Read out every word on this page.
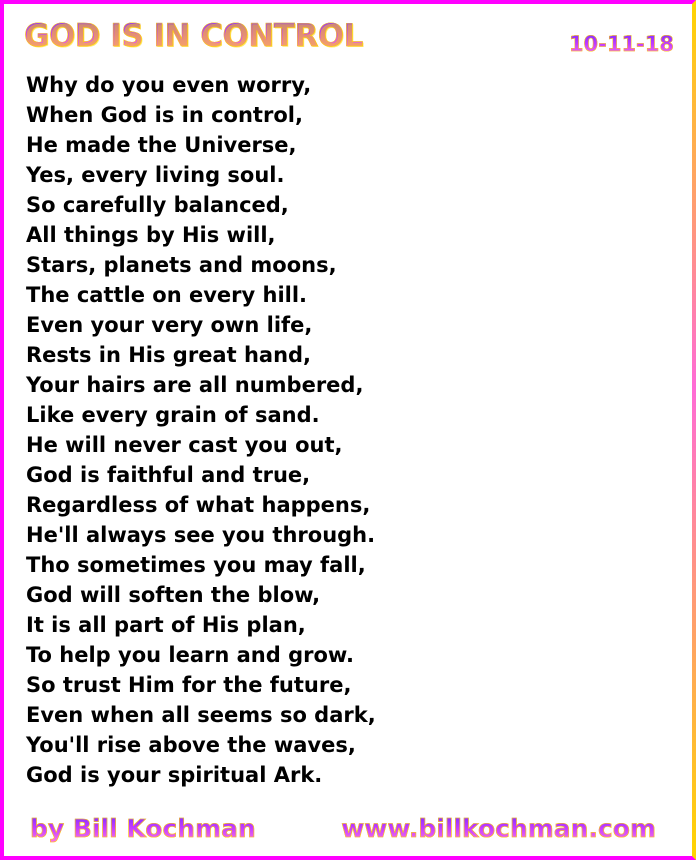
GOD IS IN CONTROL	10-11-18
Why do you even worry,
When God is in control,
He made the Universe,
Yes, every living soul.
So carefully balanced,
All things by His will,
Stars, planets and moons,
The cattle on every hill.
Even your very own life,
Rests in His great hand,
Your hairs are all numbered,
Like every grain of sand.
He will never cast you out,
God is faithful and true,
Regardless of what happens,
He'll always see you through.
Tho sometimes you may fall,
God will soften the blow,
It is all part of His plan,
To help you learn and grow.
So trust Him for the future,
Even when all seems so dark,
You'll rise above the waves,
God is your spiritual Ark.
by Bill Kochman	www.billkochman.com
